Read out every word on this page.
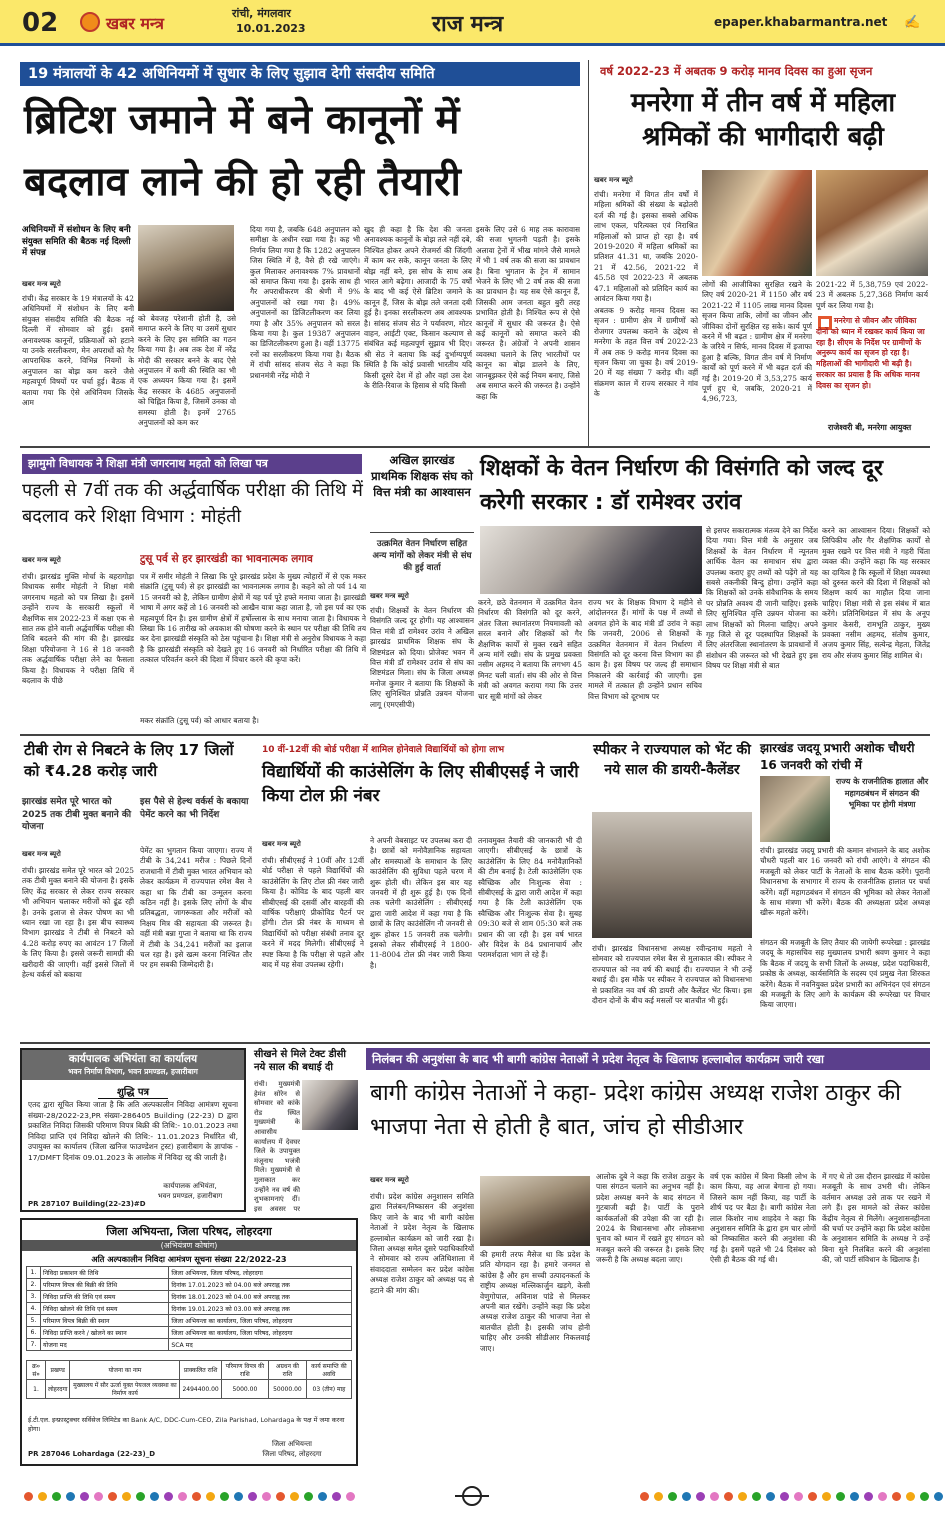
02	खबर मन्त्र
रांची, मंगलवार
10.01.2023	राज मन्त्र	epaper.khabarmantra.net ✍
19 मंत्रालयों के 42 अधिनियमों में सुधार के लिए सुझाव देगी संसदीय समिति
ब्रिटिश जमाने में बने कानूनों में
बदलाव लाने की हो रही तैयारी
अधिनियमों में संशोधन के लिए बनी संयुक्त समिति की बैठक नई दिल्ली में संपन्न
खबर मन्त्र ब्यूरो
रांची। केंद्र सरकार के 19 मंत्रालयों के 42 अधिनियमों में संशोधन के लिए बनी संयुक्त संसदीय समिति की बैठक नई दिल्ली में सोमवार को हुई। इसमें अनावश्यक कानूनों, प्रक्रियाओं को हटाने या उनके सरलीकरण, मेन अपराधों को गैर आपराधिक करने, विभिन्न नियमों के अनुपालन का बोझ कम करने जैसे महत्वपूर्ण विषयों पर चर्चा हुई। बैठक में बताया गया कि ऐसे अधिनियम जिसके आम
को बेवजह परेशानी होती है, उसे समाप्त करने के लिए या उसमें सुधार करने के लिए इस समिति का गठन किया गया है। अब तक देश में नरेंद्र मोदी की सरकार बनने के बाद ऐसे अनुपालन में कमी की स्थिति का भी एक अध्ययन किया गया है। इसमें केंद्र सरकार के 4685 अनुपालनों को चिह्नित किया है, जिसमें उनका वो समस्या होती है। इनमें 2765 अनुपालनों को कम कर
दिया गया है, जबकि 648 अनुपालन को समीक्षा के अधीन रखा गया है। कह भी निर्णय लिया गया है कि 1282 अनुपालन जिस स्थिति में है, वैसे ही रखे जाएंगे। कुल मिलाकर अनावश्यक 7% प्रावधानों को समाप्त किया गया है। इसके साथ ही गैर अपराधीकरण की श्रेणी में 9% अनुपालनों को रखा गया है। 49% अनुपालनों का डिजिटलीकरण कर लिया गया है और 35% अनुपालन को सरल किया गया है। कुल 19387 अनुपालन का डिजिटलीकरण हुआ है। वहीं 13775 रनों का सरलीकरण किया गया है। बैठक में रांची सांसद संजय सेठ ने कहा कि प्रधानमंत्री नरेंद्र मोदी ने
खुद ही कहा है कि देश की जनता अनावश्यक कानूनों के बोझ तले नहीं दबे, निश्चित होकर अपने रोजमर्रा की जिंदगी में काम कर सके, कानून जनता के लिए बोझ नहीं बने, इस सोच के साथ अब भारत आगे बढ़ेगा। आजादी के 75 वर्षों के बाद भी कई ऐसे ब्रिटिश जमाने के कानून हैं, जिस के बोझ तले जनता दबी हुई है। इनका सरलीकरण अब आवश्यक है। सांसद संजय सेठ ने पर्यावरण, मोटर वाहन, आईटी एक्ट, किसान कल्याण से संबंधित कई महत्वपूर्ण सुझाव भी दिए। श्री सेठ ने बताया कि कई दुर्भाग्यपूर्ण स्थिति है कि कोई प्रवासी भारतीय यदि किसी दूसरे देश में हो और वहां उस देश के रीति-रिवाज के हिसाब से यदि किसी
इसके लिए उसे 6 माह तक कारावास की सजा भुगतनी पड़ती है। इसके अलावा ट्रेनों में भीख मांगने जैसे मामले में भी 1 वर्ष तक की सजा का प्रावधान है। बिना भुगतान के ट्रेन में सामान भेजने के लिए भी 2 वर्ष तक की सजा का प्रावधान है। यह सब ऐसे कानून हैं, जिसकी आम जनता बहुत बुरी तरह प्रभावित होती है। निश्चित रूप से ऐसे कानूनों में सुधार की जरूरत है। ऐसे कई कानूनों को समाप्त करने की जरूरत है। अंग्रेजों ने अपनी शासन व्यवस्था चलाने के लिए भारतीयों पर कानून का बोझ डालने के लिए, जानबूझकर ऐसे कई नियम बनाए, जिसे अब समाप्त करने की जरूरत है। उन्होंने कहा कि
वर्ष 2022-23 में अबतक 9 करोड़ मानव दिवस का हुआ सृजन
मनरेगा में तीन वर्ष में महिला श्रमिकों की भागीदारी बढ़ी
खबर मन्त्र ब्यूरो
रांची। मनरेगा में विगत तीन वर्षों में महिला श्रमिकों की संख्या के बढ़ोतरी दर्ज की गई है। इसका सबसे अधिक लाभ एकल, परित्यक्त एवं निराश्रित महिलाओं को प्राप्त हो रहा है। वर्ष 2019-2020 में महिला श्रमिकों का प्रतिशत 41.31 था, जबकि 2020-21 में 42.56, 2021-22 में 45.58 एवं 2022-23 में अबतक 47.1 महिलाओं को प्रतिदिन कार्य का आवंटन किया गया है।
अबतक 9 करोड़ मानव दिवस का सृजन : ग्रामीण क्षेत्र में ग्रामीणों को रोजगार उपलब्ध कराने के उद्देश्य से मनरेगा के तहत वित्त वर्ष 2022-23 में अब तक 9 करोड़ मानव दिवस का सृजन किया जा चुका है। वर्ष 2019-20 में यह संख्या 7 करोड़ थी। वहीं संक्रमण काल में राज्य सरकार ने गांव के
लोगों की आजीविका सुरक्षित रखने के लिए वर्ष 2020-21 में 1150 और वर्ष 2021-22 में 1105 लाख मानव दिवस सृजन किया ताकि, लोगों का जीवन और जीविका दोनों सुरक्षित रह सके। कार्य पूर्ण करने में भी बढ़त : ग्रामीण क्षेत्र में मनरेगा के जरिये न सिर्फ, मानव दिवस में इजाफा हुआ है बल्कि, विगत तीन वर्ष में निर्माण कार्यों को पूर्ण करने में भी बढ़त दर्ज की गई है। 2019-20 में 3,53,275 कार्य पूर्ण हुए थे, जबकि, 2020-21 में 4,96,723,
2021-22 में 5,38,759 एवं 2022-23 में अबतक 5,27,368 निर्माण कार्य पूर्ण कर लिया गया है।
मनरेगा से जीवन और जीविका दोनों को ध्यान में रखकर कार्य किया जा रहा है। सीएम के निर्देश पर ग्रामीणों के अनुरूप कार्य का सृजन हो रहा है। महिलाओं की भागीदारी भी बढ़ी है। सरकार का प्रयास है कि अधिक मानव दिवस का सृजन हो।
राजेश्वरी बी, मनरेगा आयुक्त
झामुमो विधायक ने शिक्षा मंत्री जगरनाथ महतो को लिखा पत्र
पहली से 7वीं तक की अर्द्धवार्षिक परीक्षा की तिथि में बदलाव करे शिक्षा विभाग : मोहंती
खबर मन्त्र ब्यूरो
रांची। झारखंड मुक्ति मोर्चा के बहरागोड़ा विधायक समीर मोहंती ने शिक्षा मंत्री जगरनाथ महतो को पत्र लिखा है। इसमें उन्होंने राज्य के सरकारी स्कूलों में शैक्षणिक सत्र 2022-23 में कक्षा एक से सात तक होने वाली अर्द्धवार्षिक परीक्षा की तिथि बदलने की मांग की है। झारखंड शिक्षा परियोजना ने 16 से 18 जनवरी तक अर्द्धवार्षिक परीक्षा लेने का फैसला किया है। विधायक ने परीक्षा तिथि में बदलाव के पीछे
टुसू पर्व से हर झारखंडी का भावनात्मक लगाव
पत्र में समीर मोहंती ने लिखा कि पूरे झारखंड प्रदेश के मुख्य त्योहारों में से एक मकर संक्रांति (टुसू पर्व) से हर झारखंडी का भावनात्मक लगाव है। कहने को तो पर्व 14 या 15 जनवरी को है, लेकिन ग्रामीण क्षेत्रों में यह पर्व पूरे हफ्ते मनाया जाता है। झारखंडी भाषा में अगर कहें तो 16 जनवरी को आखैन यात्रा कहा जाता है, जो इस पर्व का एक महत्वपूर्ण दिन है। इस ग्रामीण क्षेत्रों में हर्षोल्लास के साथ मनाया जाता है। विधायक ने लिखा कि 16 तारीख को अवकाश की घोषणा करने के स्थान पर परीक्षा की तिथि तय कर देना झारखंडी संस्कृति को ठेस पहुंचाना है। शिक्षा मंत्री से अनुरोध विधायक ने कहा है कि झारखंडी संस्कृति को देखते हुए 16 जनवरी को निर्धारित परीक्षा की तिथि में तत्काल परिवर्तन करने की दिशा में विचार करने की कृपा करें।
मकर संक्रांति (टुसू पर्व) को आधार बताया है।
अखिल झारखंड प्राथमिक शिक्षक संघ को वित्त मंत्री का आश्वासन
उत्क्रमित वेतन निर्धारण सहित अन्य मांगों को लेकर मंत्री से संघ की हुई वार्ता
खबर मन्त्र ब्यूरो
रांची। शिक्षकों के वेतन निर्धारण की विसंगति जल्द दूर होगी। यह आश्वासन वित्त मंत्री डॉ रामेश्वर उरांव ने अखिल झारखंड प्राथमिक शिक्षक संघ के शिष्टमंडल को दिया। प्रोजेक्ट भवन में वित्त मंत्री डॉ रामेश्वर उरांव से संघ का शिष्टमंडल मिला। संघ के जिला अध्यक्ष मनोज कुमार ने बताया कि शिक्षकों के लिए सुनिश्चित प्रोन्नति उन्नयन योजना लागू (एमएसीपी)
शिक्षकों के वेतन निर्धारण की विसंगति को जल्द दूर करेगी सरकार : डॉ रामेश्वर उरांव
करने, छठे वेतनमान में उत्क्रमित वेतन निर्धारण की विसंगति को दूर करने, अंतर जिला स्थानांतरण नियमावली को सरल बनाने और शिक्षकों को गैर शैक्षणिक कार्यों से मुक्त रखने सहित अन्य मांगें रखी। संघ के प्रमुख प्रवक्ता नसीम अहमद ने बताया कि लगभग 45 मिनट चली वार्ता। संघ की ओर से वित्त मंत्री को अवगत कराया गया कि उत्तर चार सूत्री मांगों को लेकर
राज्य भर के शिक्षक विभाग दे महीने से आंदोलनरत हैं। मांगों के पक्ष में तथ्यों से अवगत होने के बाद मंत्री डॉ उरांव ने कहा कि जनवरी, 2006 से शिक्षकों के उत्क्रमित वेतनमान में वेतन निर्धारण में विसंगति को दूर करना वित्त विभाग का ही काम है। इस विषय पर जल्द ही समाधान निकालने की कार्रवाई की जाएगी। इस मामले में तत्काल ही उन्होंने प्रधान सचिव वित्त विभाग को दूरभाष पर
से इसपर सकारात्मक मंतव्य देने का निर्देश दिया गया। वित्त मंत्री के अनुसार जब शिक्षकों के वेतन निर्धारण में न्यूनतम आर्थिक वेतन का समाधान संघ द्वारा उपलब्ध कराए हुए तथ्यों को पढ़ेंगे तो यह सबसे तकनीकी बिन्दु होगा। उन्होंने कहा कि शिक्षकों को उनके संवैधानिक के समय पर प्रोन्नति अवश्य दी जानी चाहिए। इसके लिए सुनिश्चित वृत्ति उन्नयन योजना का लाभ शिक्षकों को मिलना चाहिए। अपने गृह जिले से दूर पदस्थापित शिक्षकों के लिए अंतरजिला स्थानांतरण के प्रावधानों में संशोधन की जरूरत को भी देखते हुए इस विषय पर शिक्षा मंत्री से बात
करने का आश्वासन दिया। शिक्षकों को लिपिकीय और गैर शैक्षणिक कार्यों से मुक्त रखने पर वित्त मंत्री ने गहरी चिंता व्यक्त की। उन्होंने कहा कि यह सरकार का दायित्व है कि स्कूलों में शिक्षा व्यवस्था को दुरुस्त करने की दिशा में शिक्षकों को शिक्षण कार्य का माहौल दिया जाना चाहिए। शिक्षा मंत्री से इस संबंध में बात करेंगे। प्रतिनिधिमंडल में संघ के अनूप कुमार केसरी, रामभूति ठाकुर, मुख्य प्रवक्ता नसीम अहमद, संतोष कुमार, अजय कुमार सिंह, सत्येन्द्र मेहता, जितेंद्र राय और संजय कुमार सिंह शामिल थे।
टीबी रोग से निबटने के लिए 17 जिलों को ₹4.28 करोड़ जारी
झारखंड समेत पूरे भारत को 2025 तक टीबी मुक्त बनाने की योजना
इस पैसे से हेल्थ वर्कर्स के बकाया पेमेंट करने का भी निर्देश
खबर मन्त्र ब्यूरो
रांची। झारखंड समेत पूरे भारत को 2025 तक टीबी मुक्त बनाने की योजना है। इसके लिए केंद्र सरकार से लेकर राज्य सरकार भी अभियान चलाकर मरीजों को ढूंढ रही है। उनके इलाज से लेकर पोषण का भी ध्यान रखा जा रहा है। इस बीच स्वास्थ्य विभाग झारखंड ने टीबी से निबटने को 4.28 करोड़ रुपए का आवंटन 17 जिलों के लिए किया है। इससे जरूरी सामग्री की खरीदारी की जाएगी। वहीं इससे जिलों में हेल्थ वर्कर्स को बकाया
पेमेंट का भुगतान किया जाएगा। राज्य में टीबी के 34,241 मरीज : पिछले दिनों राजधानी में टीबी मुक्त भारत अभियान को लेकर कार्यक्रम में राज्यपाल रमेश बैस ने कहा था कि टीबी का उन्मूलन करना कठिन नहीं है। इसके लिए लोगों के बीच प्रतिबद्धता, जागरूकता और मरीजों को निक्षय मित्र की सहायता की जरूरत है। वहीं मंत्री बन्ना गुप्ता ने बताया था कि राज्य में टीबी के 34,241 मरीजों का इलाज चल रहा है। इसे खत्म करना निश्चित तौर पर हम सबकी जिम्मेदारी है।
10 वीं-12वीं की बोर्ड परीक्षा में शामिल होनेवाले विद्यार्थियों को होगा लाभ
विद्यार्थियों की काउंसेलिंग के लिए सीबीएसई ने जारी किया टोल फ्री नंबर
खबर मन्त्र ब्यूरो
रांची। सीबीएसई ने 10वीं और 12वीं बोर्ड परीक्षा से पहले विद्यार्थियों की काउंसेलिंग के लिए टोल फ्री नंबर जारी किया है। कोविड के बाद पहली बार सीबीएसई की दसवीं और बारहवीं की वार्षिक परीक्षाएं प्रीकोविड पैटर्न पर होंगी। टोल फ्री नंबर के माध्यम से विद्यार्थियों को परीक्षा संबंधी तनाव दूर करने में मदद मिलेगी। सीबीएसई ने स्पष्ट किया है कि परीक्षा से पहले और बाद में यह सेवा उपलब्ध रहेगी।
ने अपनी वेबसाइट पर उपलब्ध करा दी है। छात्रों को मनोवैज्ञानिक सहायता और समस्याओं के समाधान के लिए काउंसेलिंग की सुविधा पहले चरण में शुरू होती थी। लेकिन इस बार यह जनवरी में ही शुरू हुई है। एक दिनों तक चलेगी काउंसेलिंग : सीबीएसई द्वारा जारी आदेश में कहा गया है कि छात्रों के लिए काउंसेलिंग नौ जनवरी से शुरू होकर 15 जनवरी तक चलेगी। इसको लेकर सीबीएसई ने 1800-11-8004 टोल फ्री नंबर जारी किया है।
तनावमुक्त तैयारी की जानकारी भी दी जाएगी। सीबीएसई के छात्रों के काउंसेलिंग के लिए 84 मनोवैज्ञानिकों की टीम बनाई है। टेली काउंसेलिंग एक स्वैच्छिक और निःशुल्क सेवा : सीबीएसई के द्वारा जारी आदेश में कहा गया है कि टेली काउंसेलिंग एक स्वैच्छिक और निःशुल्क सेवा है। सुबह 09:30 बजे से शाम 05:30 बजे तक प्रधान की जा रही है। इस वर्ष भारत और विदेश के 84 प्रधानाचार्य और परामर्शदाता भाग ले रहे हैं।
स्पीकर ने राज्यपाल को भेंट की नये साल की डायरी-कैलेंडर
रांची। झारखंड विधानसभा अध्यक्ष रवीन्द्रनाथ महतो ने सोमवार को राज्यपाल रमेश बैस से मुलाकात की। स्पीकर ने राज्यपाल को नव वर्ष की बधाई दी। राज्यपाल ने भी उन्हें बधाई दी। इस मौके पर स्पीकर ने राज्यपाल को विधानसभा से प्रकाशित नव वर्ष की डायरी और कैलेंडर भेंट किया। इस दौरान दोनों के बीच कई मसलों पर बातचीत भी हुई।
झारखंड जदयू प्रभारी अशोक चौधरी 16 जनवरी को रांची में
राज्य के राजनीतिक हालात और महागठबंधन में संगठन की भूमिका पर होगी मंत्रणा
रांची। झारखंड जदयू प्रभारी की कमान संभालने के बाद अशोक चौधरी पहली बार 16 जनवरी को रांची आएंगे। वे संगठन की मजबूती को लेकर पार्टी के नेताओं के साथ बैठक करेंगे। पूरानी विधानसभा के सभागार में राज्य के राजनीतिक हालात पर चर्चा करेंगे। वहीं महागठबंधन में संगठन की भूमिका को लेकर नेताओं के साथ मंत्रणा भी करेंगे। बैठक की अध्यक्षता प्रदेश अध्यक्ष खीरू महतो करेंगे।
संगठन की मजबूती के लिए तैयार की जायेगी रूपरेखा : झारखंड जदयू के महासचिव सह मुख्यालय प्रभारी श्रवण कुमार ने कहा कि बैठक में जदयू के सभी जिलों के अध्यक्ष, प्रदेश पदाधिकारी, प्रकोष्ठ के अध्यक्ष, कार्यसमिति के सदस्य एवं प्रमुख नेता शिरकत करेंगे। बैठक में नवनियुक्त प्रदेश प्रभारी का अभिनंदन एवं संगठन की मजबूती के लिए आगे के कार्यक्रम की रूपरेखा पर विचार किया जाएगा।
कार्यपालक अभियंता का कार्यालय
भवन निर्माण विभाग, भवन प्रमण्डल, हजारीबाग
शुद्धि पत्र
एतद द्वारा सूचित किया जाता है कि अति अल्पकालीन निविदा आमंत्रण सूचना संख्या-28/2022-23,PR संख्या-286405 Building (22-23) D द्वारा प्रकाशित निविदा जिसकी परिमाण विपत्र बिक्री की तिथि:- 10.01.2023 तथा निविदा प्राप्ति एवं निविदा खोलने की तिथि:- 11.01.2023 निर्धारित थी, उपायुक्त का कार्यालय (जिला खनिज फाउण्डेशन ट्रस्ट) हजारीबाग के ज्ञापांक - 17/DMFT दिनांक 09.01.2023 के आलोक में निविदा रद्द की जाती है।
कार्यपालक अभियंता,
भवन प्रमण्डल, हजारीबाग
PR 287107 Building(22-23)#D
सीखने से मिले टेक्ट डीसी नये साल की बधाई दी
रांची। मुख्यमंत्री हेमंत सोरेन से सोमवार को कांके रोड स्थित मुख्यमंत्री के आवासीय कार्यालय में देवघर जिले के उपायुक्त मंजूनाथ भजंत्री मिले। मुख्यमंत्री से मुलाकात कर उन्होंने नव वर्ष की शुभकामनाएं दीं। इस अवसर पर
जिला अभियन्ता, जिला परिषद, लोहरदगा
(अभियंत्रण कोषांग)
अति अल्पकालीन निविदा आमंत्रण सूचना संख्या 22/2022-23
1.	निविदा प्रकाशन की तिथि	जिला अभियन्ता, जिला परिषद, लोहरदगा
2.	परिमाण विपत्र की बिक्री की तिथि	दिनांक 17.01.2023 को 04.00 बजे अपराह्न तक
3.	निविदा प्राप्ति की तिथि एवं समय	दिनांक 18.01.2023 को 04.00 बजे अपराह्न तक
4.	निविदा खोलने की तिथि एवं समय	दिनांक 19.01.2023 को 03.00 बजे अपराह्न तक
5.	परिमाण विपत्र बिक्री की स्थान	जिला अभियन्ता का कार्यालय, जिला परिषद, लोहरदगा
6.	निविदा प्राप्ति करने / खोलने का स्थान	जिला अभियन्ता का कार्यालय, जिला परिषद, लोहरदगा
7.	योजना मद	SCA मद
क्र० सं०	प्रखण्ड	योजना का नाम	प्राक्कलित राशि	परिमाण विपत्र की राशि	अग्रधन की राशि	कार्य समाप्ति की अवधि
1.	लोहरदगा	मुख्यालय में सौर ऊर्जा युक्त पेयजल व्यवस्था का निर्माण कार्य	2494400.00	5000.00	50000.00	03 (तीन) माह
ई.टी.एल. इन्फ्रास्ट्रक्चर सर्विसेज लिमिटेड का Bank A/C, DDC-Cum-CEO, Zila Parishad, Lohardaga के पक्ष में जमा करना होगा।
जिला अभियन्ता
जिला परिषद, लोहरदगा
PR 287046 Lohardaga (22-23)_D
निलंबन की अनुशंसा के बाद भी बागी कांग्रेस नेताओं ने प्रदेश नेतृत्व के खिलाफ हल्लाबोल कार्यक्रम जारी रखा
बागी कांग्रेस नेताओं ने कहा- प्रदेश कांग्रेस अध्यक्ष राजेश ठाकुर की भाजपा नेता से होती है बात, जांच हो सीडीआर
खबर मन्त्र ब्यूरो
रांची। प्रदेश कांग्रेस अनुशासन समिति द्वारा निलंबन/निष्कासन की अनुशंसा किए जाने के बाद भी बागी कांग्रेस नेताओं ने प्रदेश नेतृत्व के खिलाफ हल्लाबोल कार्यक्रम को जारी रखा है। जिला अध्यक्ष समेत दूसरे पदाधिकारियों ने सोमवार को राज्य अतिथिशाला में संवाददाता सम्मेलन कर प्रदेश कांग्रेस अध्यक्ष राजेश ठाकुर को अध्यक्ष पद से हटाने की मांग की।
की हमारी तरफ मैसेज था कि प्रदेश के प्रति योगदान रहा है। हमारे जनमत से कांग्रेस है और हम सच्ची उत्पादनकर्ता के राष्ट्रीय अध्यक्ष मल्लिकार्जुन खड़गे, केसी वेणुगोपाल, अविनाश पांडे से मिलकर अपनी बात रखेंगे। उन्होंने कहा कि प्रदेश अध्यक्ष राजेश ठाकुर की भाजपा नेता से बातचीत होती है। इसकी जांच होनी चाहिए और उनकी सीडीआर निकलवाई जाए।
आलोक दुबे ने कहा कि राजेश ठाकुर के पास संगठन चलाने का अनुभव नहीं है। प्रदेश अध्यक्ष बनने के बाद संगठन में गुटबाजी बढ़ी है। पार्टी के पुराने कार्यकर्ताओं की उपेक्षा की जा रही है। 2024 के विधानसभा और लोकसभा चुनाव को ध्यान में रखते हुए संगठन को मजबूत करने की जरूरत है। इसके लिए जरूरी है कि अध्यक्ष बदला जाए।
वर्ष एक कांग्रेस में बिना किसी लोभ के काम किया, वह आज बेगाना हो गया। जिसने काम नहीं किया, वह पार्टी के शीर्ष पद पर बैठा है। बागी कांग्रेस नेता लाल किशोर नाथ शाहदेव ने कहा कि अनुशासन समिति के द्वारा हम चार लोगों को निष्कासित करने की अनुशंसा की गई है। इसमें पहले भी 24 दिसंबर को ऐसी ही बैठक की गई थी।
में गए थे तो उस दौरान झारखंड में कांग्रेस मजबूती के साथ उभरी थी। लेकिन वर्तमान अध्यक्ष उसे ताक पर रखने में लगे हैं। इस मामले को लेकर कांग्रेस केंद्रीय नेतृत्व से मिलेंगे। अनुशासनहीनता की चर्चा पर उन्होंने कहा कि प्रदेश कांग्रेस के अनुशासन समिति के अध्यक्ष ने उन्हें बिना सुने निलंबित करने की अनुशंसा की, जो पार्टी संविधान के खिलाफ है।
